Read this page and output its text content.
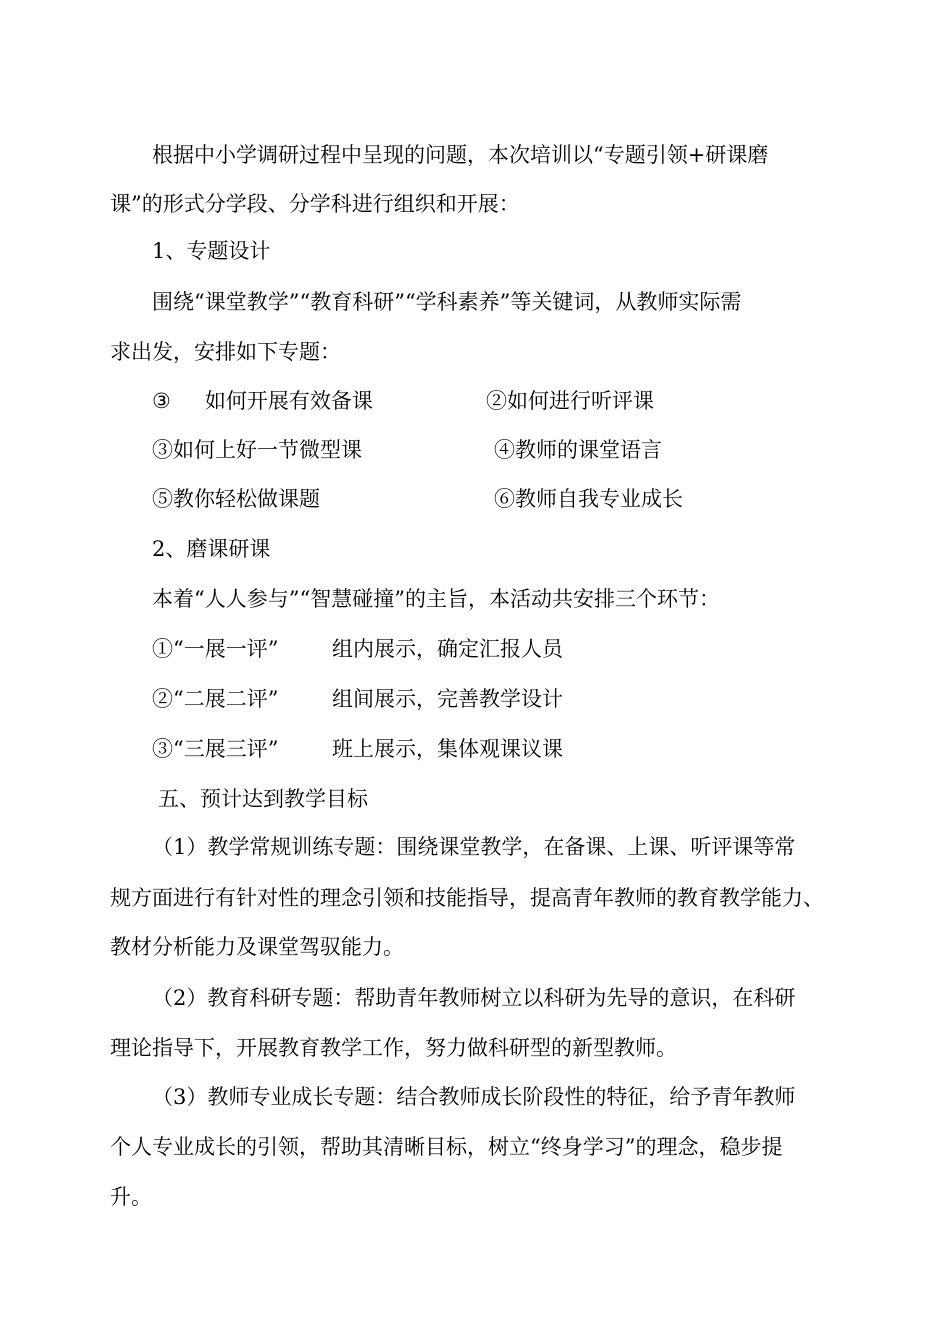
根据中小学调研过程中呈现的问题，本次培训以“专题引领+研课磨
课”的形式分学段、分学科进行组织和开展：
1、专题设计
围绕“课堂教学”“教育科研”“学科素养”等关键词，从教师实际需
求出发，安排如下专题：
③ 如何开展有效备课	②如何进行听评课
③如何上好一节微型课	④教师的课堂语言
⑤教你轻松做课题	⑥教师自我专业成长
2、磨课研课
本着“人人参与”“智慧碰撞”的主旨，本活动共安排三个环节：
①“一展一评”	组内展示，确定汇报人员
②“二展二评”	组间展示，完善教学设计
③“三展三评”	班上展示，集体观课议课
五、预计达到教学目标
（1）教学常规训练专题：围绕课堂教学，在备课、上课、听评课等常
规方面进行有针对性的理念引领和技能指导，提高青年教师的教育教学能力、
教材分析能力及课堂驾驭能力。
（2）教育科研专题：帮助青年教师树立以科研为先导的意识，在科研
理论指导下，开展教育教学工作，努力做科研型的新型教师。
（3）教师专业成长专题：结合教师成长阶段性的特征，给予青年教师
个人专业成长的引领，帮助其清晰目标，树立“终身学习”的理念，稳步提
升。
